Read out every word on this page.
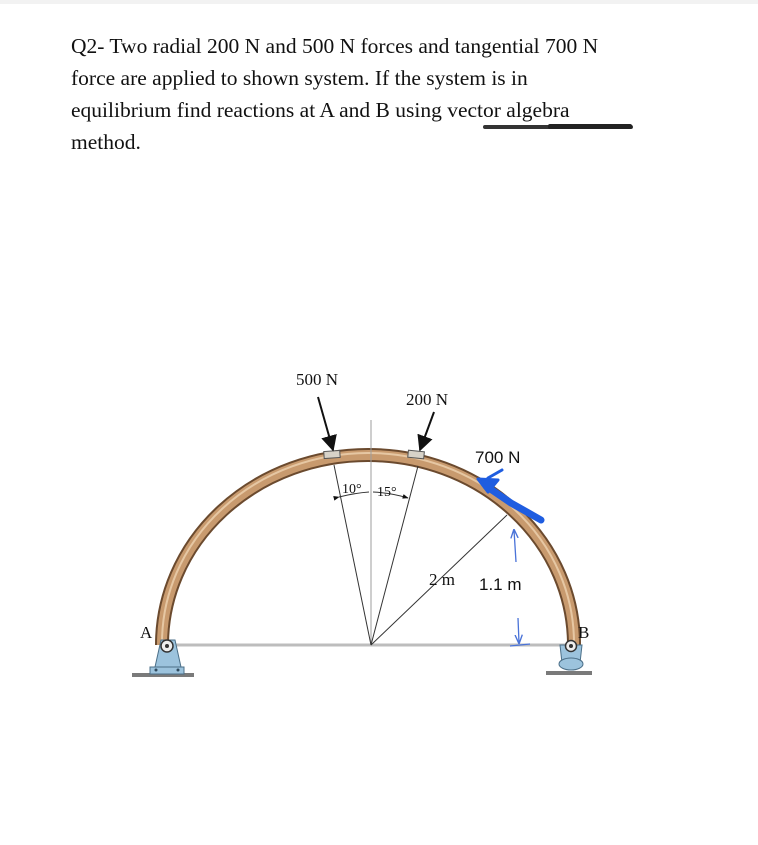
Q2- Two radial 200 N and 500 N forces and tangential 700 N
force are applied to shown system. If the system is in
equilibrium find reactions at A and B using vector algebra
method.
500 N
200 N
700 N
10° 15°
2 m 1.1 m
A	B
